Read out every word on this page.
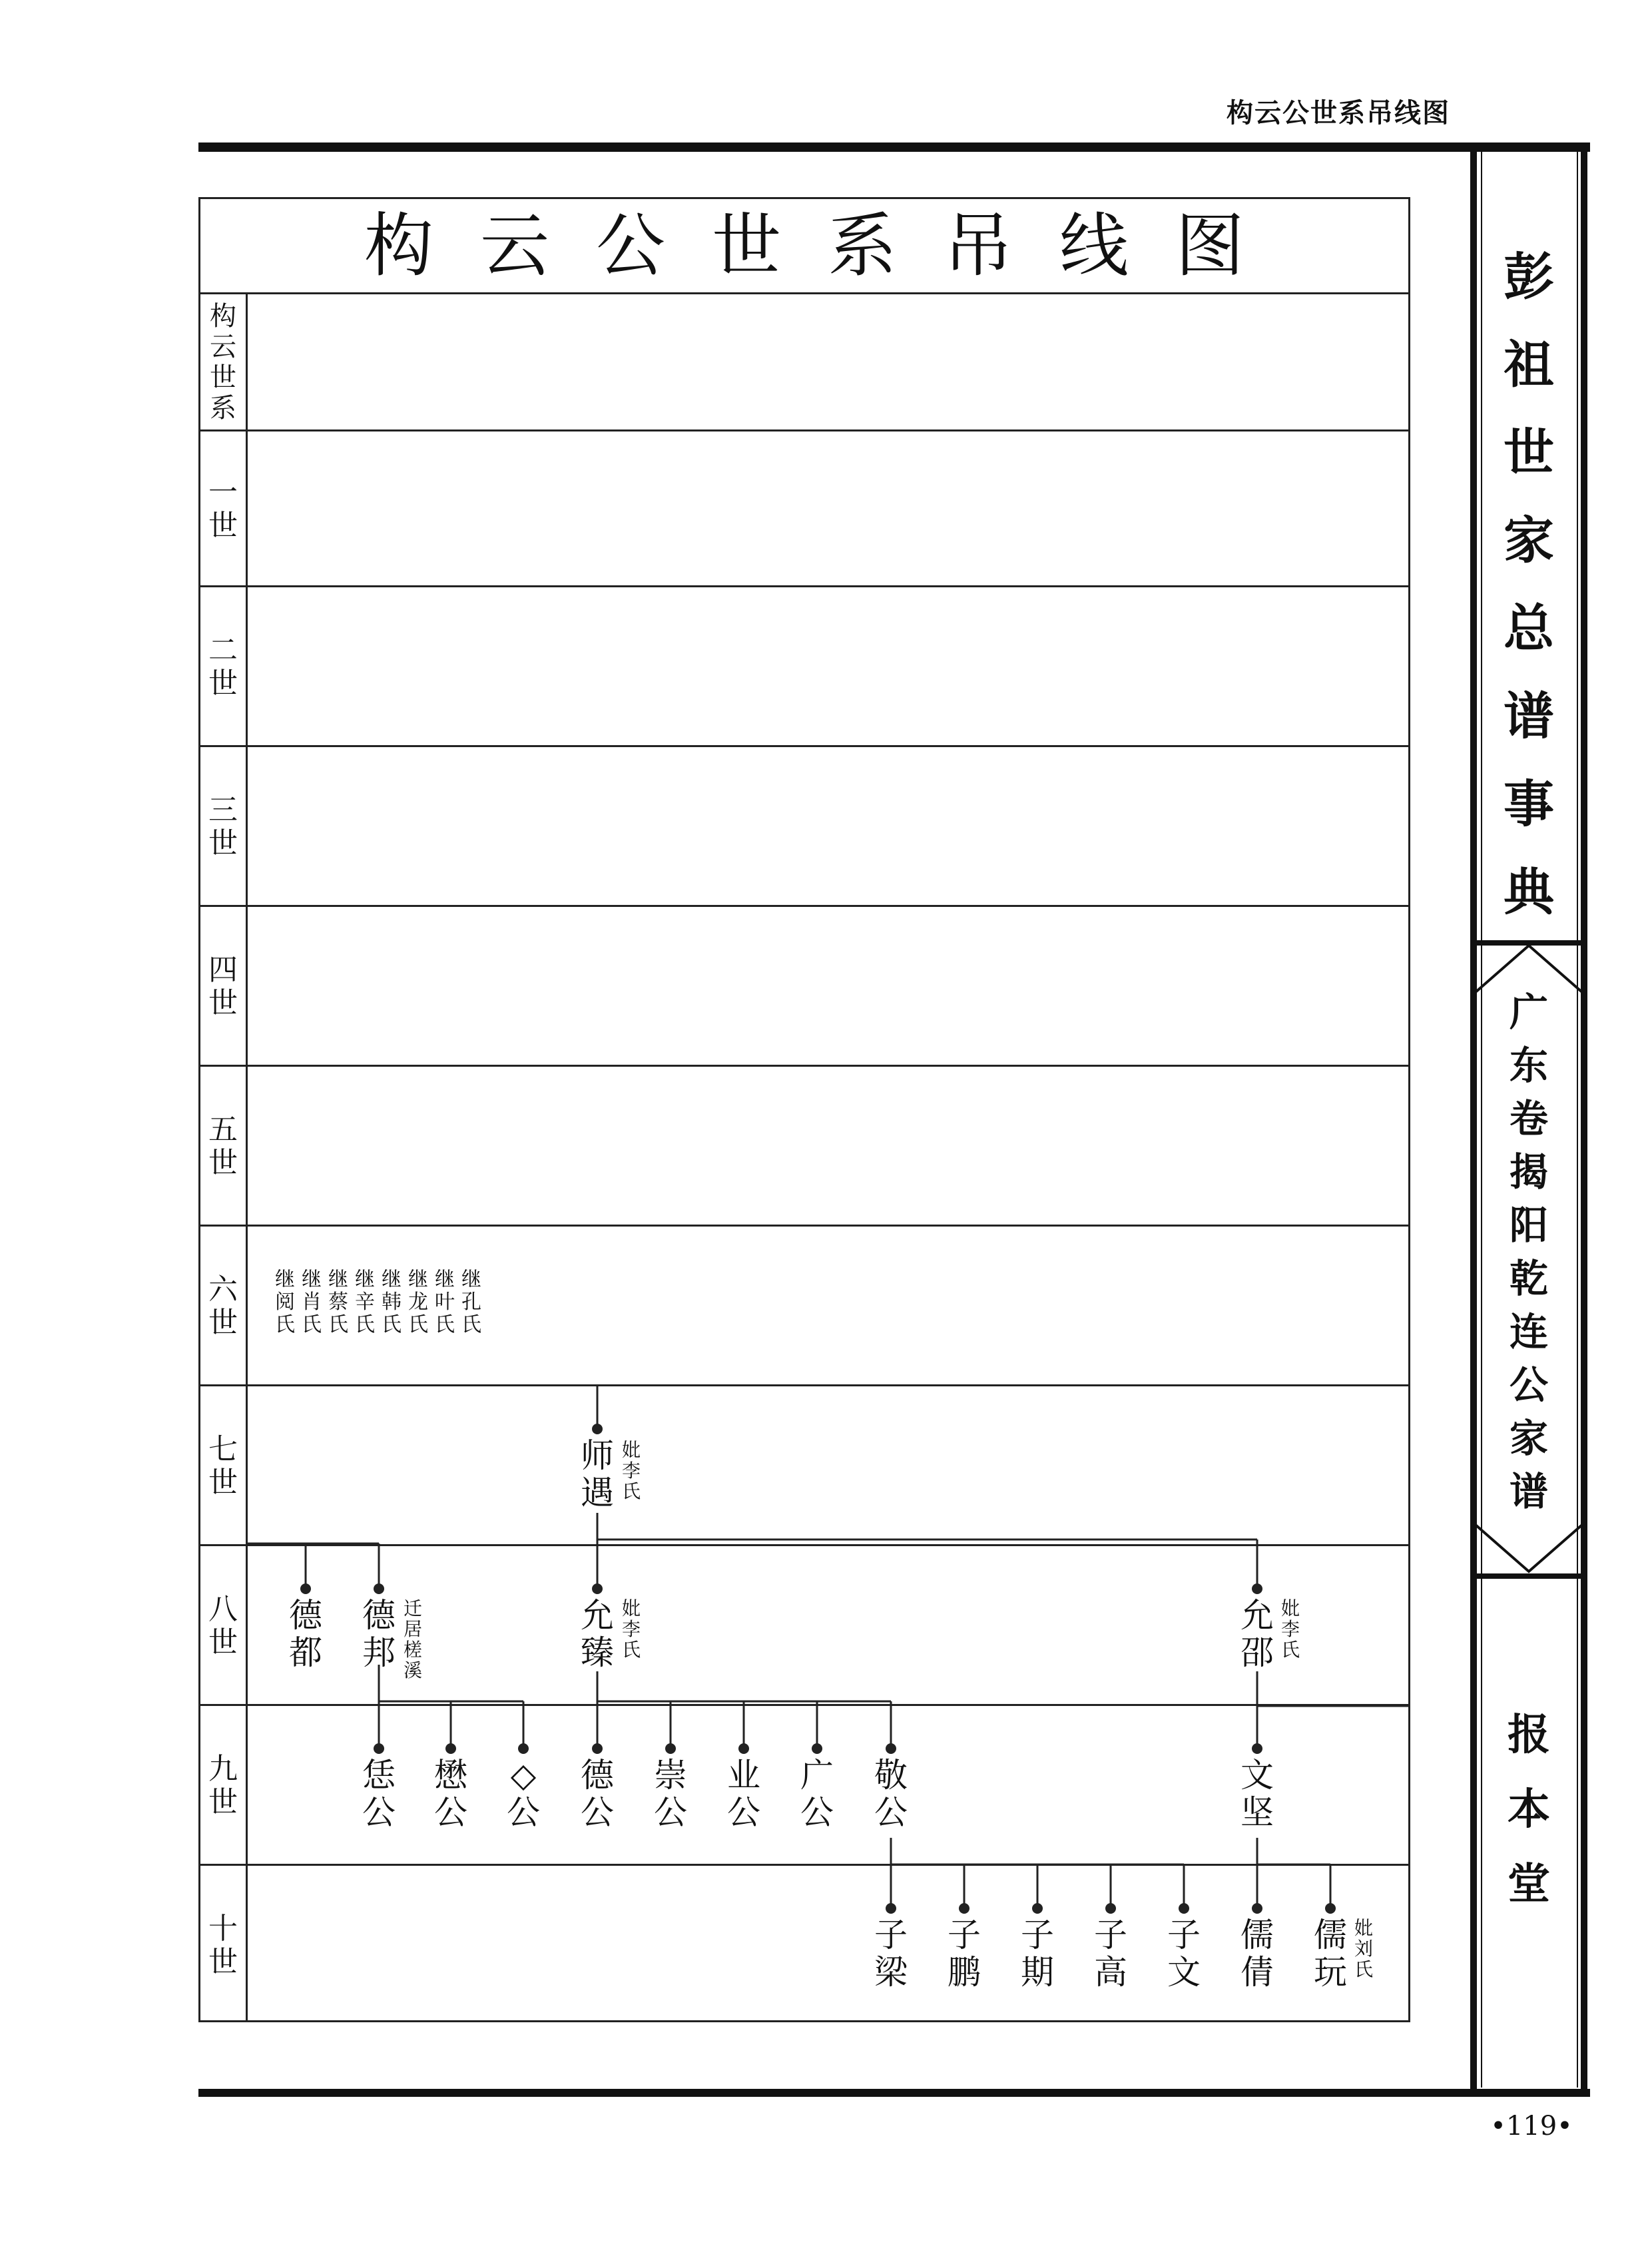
构云公世系吊线图
彭
祖
世
家
总
谱
事
典
广
东
卷
揭
阳
乾
连
公
家
谱
报
本
堂
构云公世系吊线图
构
云
世
系
一
世
二
世
三
世
四
世
五
世
六
世
七
世
八
世
九
世
十
世
继
阅
氏
继
肖
氏
继
蔡
氏
继
辛
氏
继
韩
氏
继
龙
氏
继
叶
氏
继
孔
氏
师
遇
妣
李
氏
德
都
德
邦
迁
居
槎
溪
允
臻
妣
李
氏
允
邵
妣
李
氏
恁
公
懋
公
◇
公
德
公
崇
公
业
公
广
公
敬
公
文
坚
子
梁
子
鹏
子
期
子
高
子
文
儒
倩
儒
玩
妣
刘
氏
•119•
